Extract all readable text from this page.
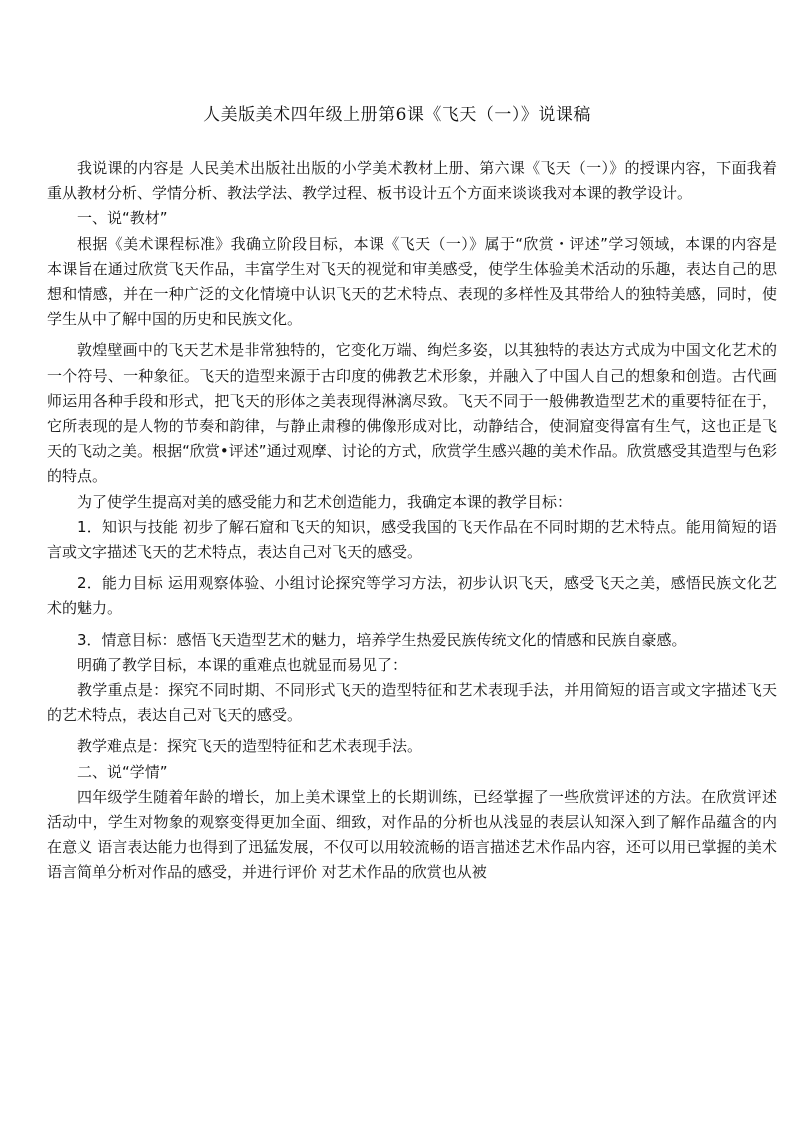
人美版美术四年级上册第6课《飞天（一）》说课稿

我说课的内容是 人民美术出版社出版的小学美术教材上册、第六课《飞天（一）》的授课内容，下面我着重从教材分析、学情分析、教法学法、教学过程、板书设计五个方面来谈谈我对本课的教学设计。

一、说“教材”

根据《美术课程标准》我确立阶段目标，本课《飞天（一）》属于“欣赏・评述”学习领域，本课的内容是 本课旨在通过欣赏飞天作品，丰富学生对飞天的视觉和审美感受，使学生体验美术活动的乐趣，表达自己的思想和情感，并在一种广泛的文化情境中认识飞天的艺术特点、表现的多样性及其带给人的独特美感，同时，使学生从中了解中国的历史和民族文化。

敦煌壁画中的飞天艺术是非常独特的，它变化万端、绚烂多姿，以其独特的表达方式成为中国文化艺术的一个符号、一种象征。飞天的造型来源于古印度的佛教艺术形象，并融入了中国人自己的想象和创造。古代画师运用各种手段和形式，把飞天的形体之美表现得淋漓尽致。飞天不同于一般佛教造型艺术的重要特征在于，它所表现的是人物的节奏和韵律，与静止肃穆的佛像形成对比，动静结合，使洞窟变得富有生气，这也正是飞天的飞动之美。根据“欣赏•评述”通过观摩、讨论的方式，欣赏学生感兴趣的美术作品。欣赏感受其造型与色彩的特点。

为了使学生提高对美的感受能力和艺术创造能力，我确定本课的教学目标：

1．知识与技能 初步了解石窟和飞天的知识，感受我国的飞天作品在不同时期的艺术特点。能用简短的语言或文字描述飞天的艺术特点，表达自己对飞天的感受。

2．能力目标 运用观察体验、小组讨论探究等学习方法，初步认识飞天，感受飞天之美，感悟民族文化艺术的魅力。

3．情意目标：感悟飞天造型艺术的魅力，培养学生热爱民族传统文化的情感和民族自豪感。

明确了教学目标，本课的重难点也就显而易见了：

教学重点是：探究不同时期、不同形式飞天的造型特征和艺术表现手法，并用简短的语言或文字描述飞天的艺术特点，表达自己对飞天的感受。

教学难点是：探究飞天的造型特征和艺术表现手法。

二、说“学情”

四年级学生随着年龄的增长，加上美术课堂上的长期训练，已经掌握了一些欣赏评述的方法。在欣赏评述活动中，学生对物象的观察变得更加全面、细致，对作品的分析也从浅显的表层认知深入到了解作品蕴含的内在意义 语言表达能力也得到了迅猛发展，不仅可以用较流畅的语言描述艺术作品内容，还可以用已掌握的美术语言简单分析对作品的感受，并进行评价 对艺术作品的欣赏也从被
